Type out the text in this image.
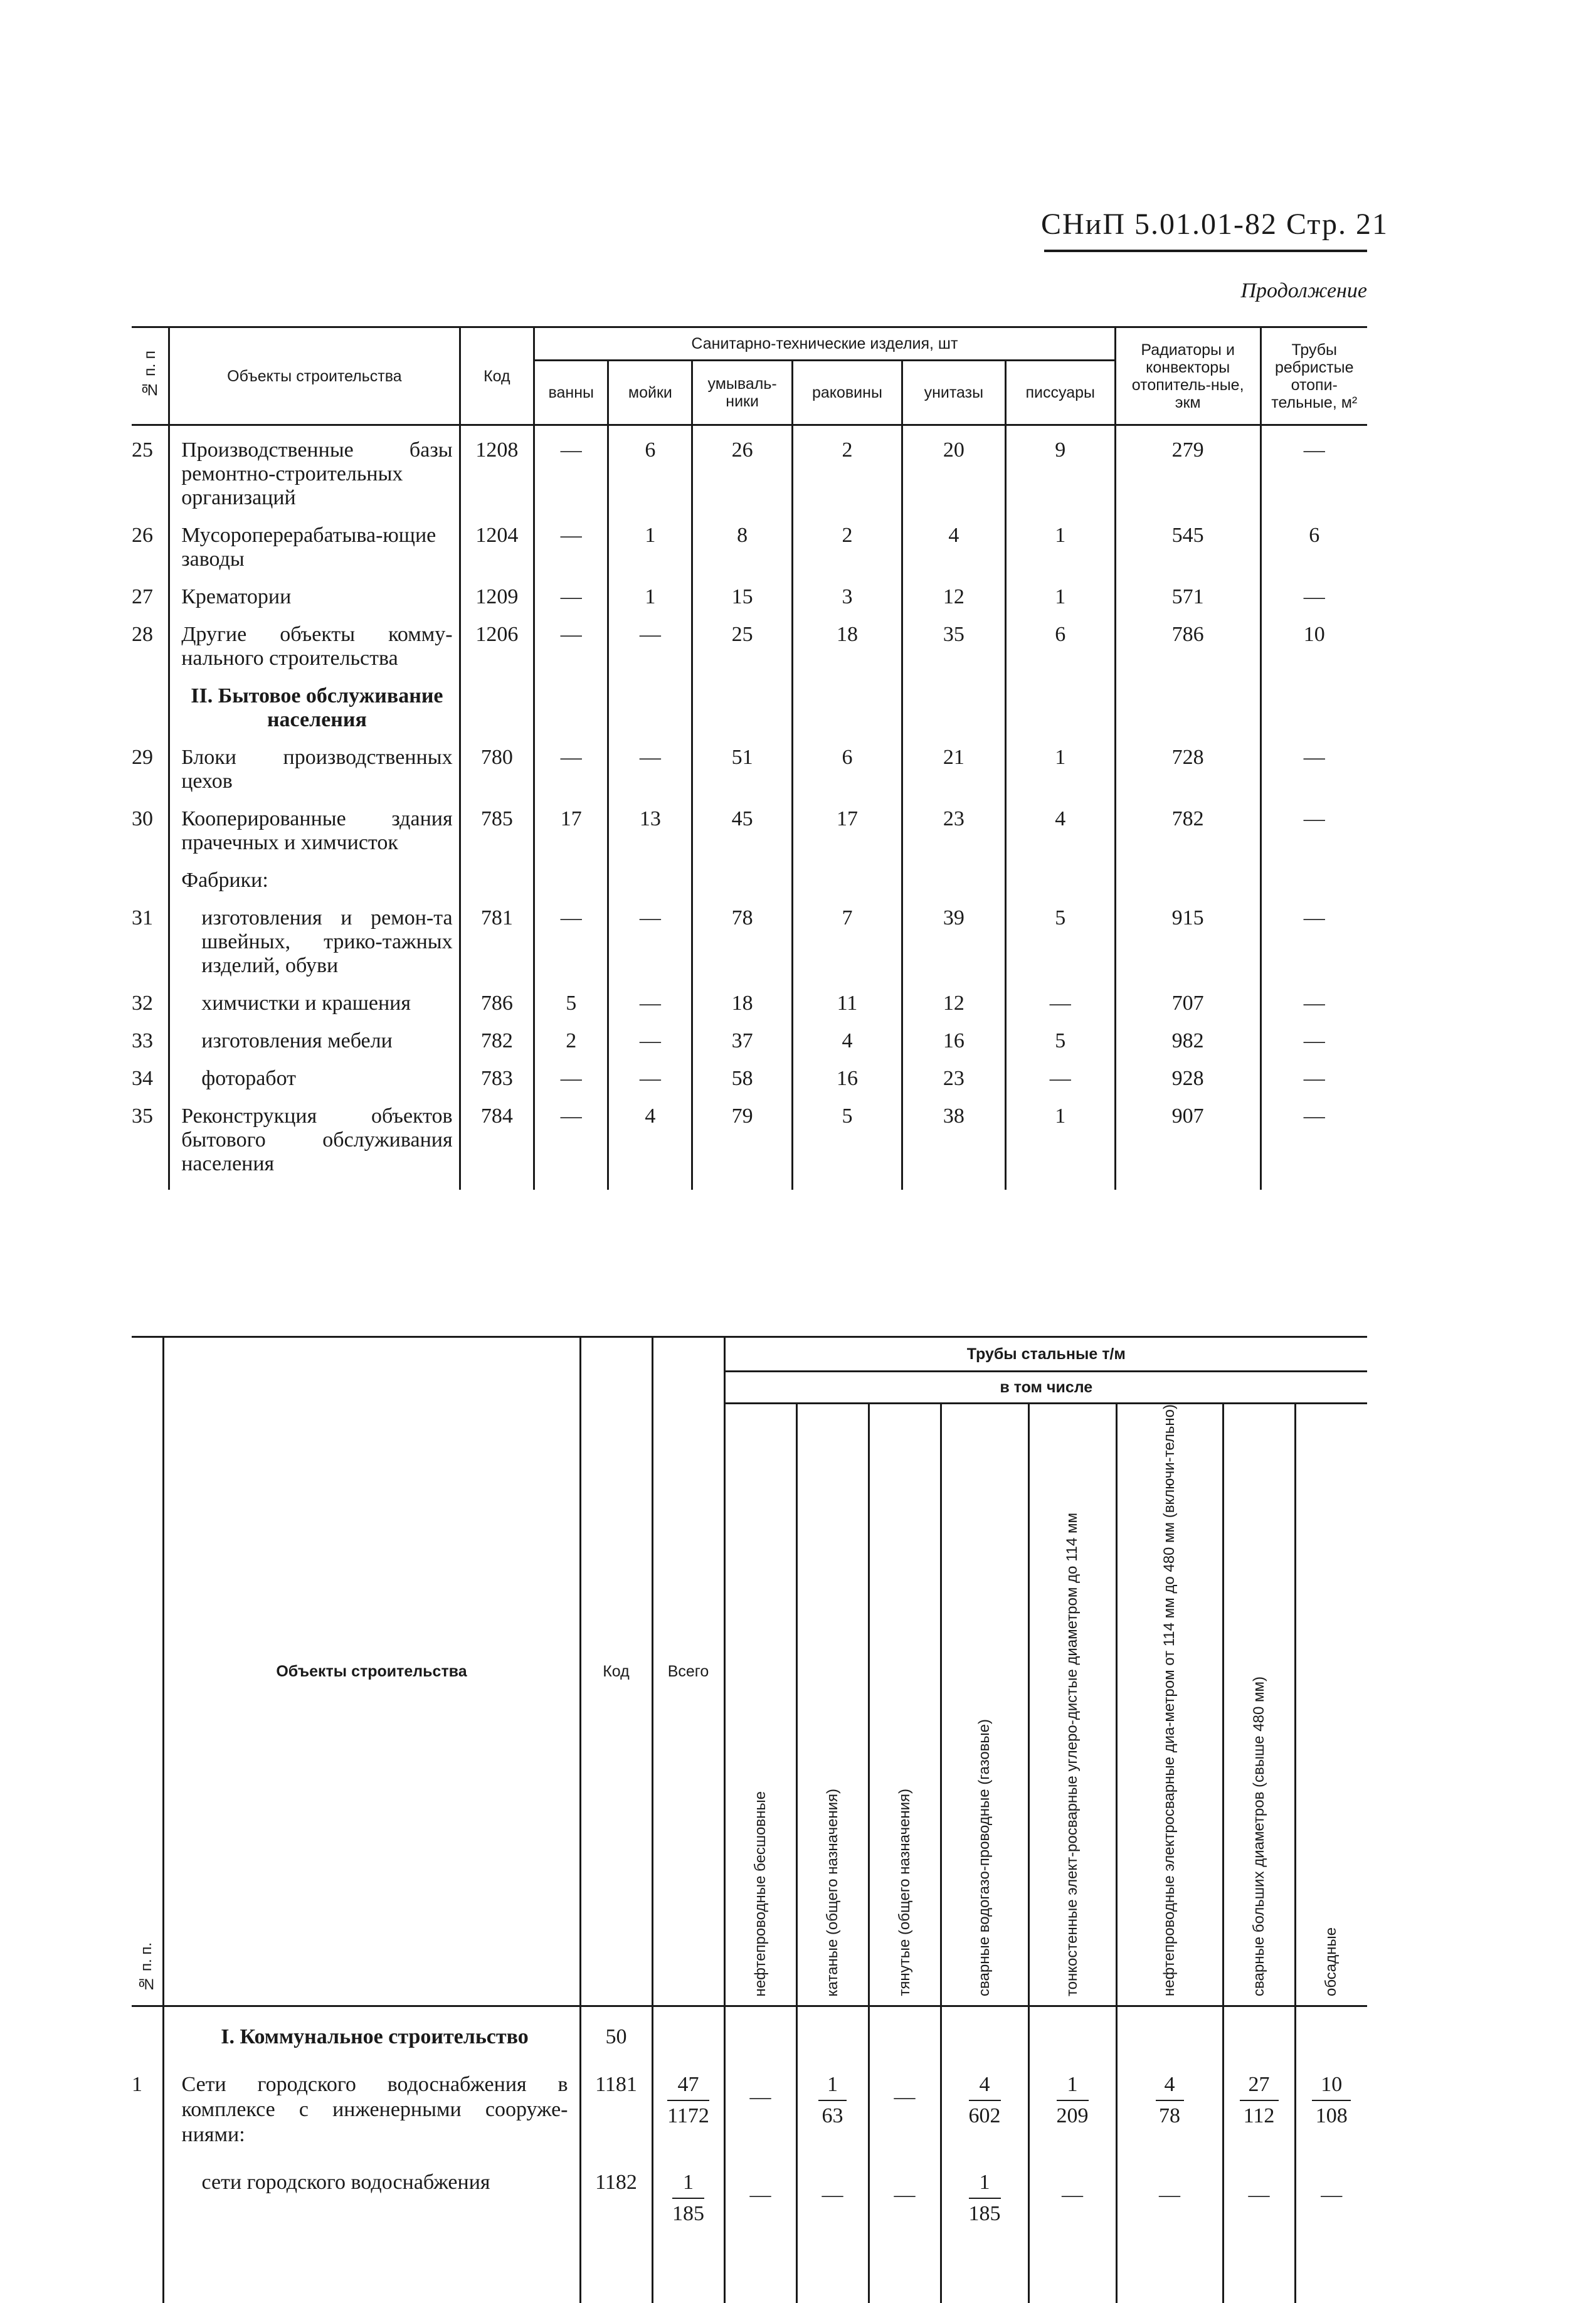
СНиП 5.01.01-82 Стр. 21
Продолжение
№ п. п	Объекты строительства	Код	Санитарно-технические изделия, шт						Радиаторы и конвекторы отопитель-ные, экм	Трубы ребристые отопи-тельные, м²
			ванны	мойки	умываль-ники	раковины	унитазы	писсуары		
25	Производственные базы ремонтно-строительных организаций	1208	—	6	26	2	20	9	279	—
26	Мусороперерабатыва-ющие заводы	1204	—	1	8	2	4	1	545	6
27	Крематории	1209	—	1	15	3	12	1	571	—
28	Другие объекты комму-нального строительства	1206	—	—	25	18	35	6	786	10
	II. Бытовое обслуживание населения									
29	Блоки производственных цехов	780	—	—	51	6	21	1	728	—
30	Кооперированные здания прачечных и химчисток	785	17	13	45	17	23	4	782	—
	Фабрики:									
31	изготовления и ремон-та швейных, трико-тажных изделий, обуви	781	—	—	78	7	39	5	915	—
32	химчистки и крашения	786	5	—	18	11	12	—	707	—
33	изготовления мебели	782	2	—	37	4	16	5	982	—
34	фоторабот	783	—	—	58	16	23	—	928	—
35	Реконструкция объектов бытового обслуживания населения	784	—	4	79	5	38	1	907	—
№ п. п.	Объекты строительства	Код	Всего	Трубы стальные т/м							
				в том числе							
				нефтепроводные бесшовные	катаные (общего назначения)	тянутые (общего назначения)	сварные водогазо-проводные (газовые)	тонкостенные элект-росварные углеро-дистые диаметром до 114 мм	нефтепроводные электросварные диа-метром от 114 мм до 480 мм (включи-тельно)	сварные больших диаметров (свыше 480 мм)	обсадные
	I. Коммунальное строительство	50									
1	Сети городского водоснабжения в комплексе с инженерными сооруже-ниями:	1181	$\frac{47}{1172}$	—	$\frac{1}{63}$	—	$\frac{4}{602}$	$\frac{1}{209}$	$\frac{4}{78}$	$\frac{27}{112}$	$\frac{10}{108}$

	сети городского водоснабжения	1182	$\frac{1}{185}$	—	—	—	$\frac{1}{185}$	—	—	—	—
